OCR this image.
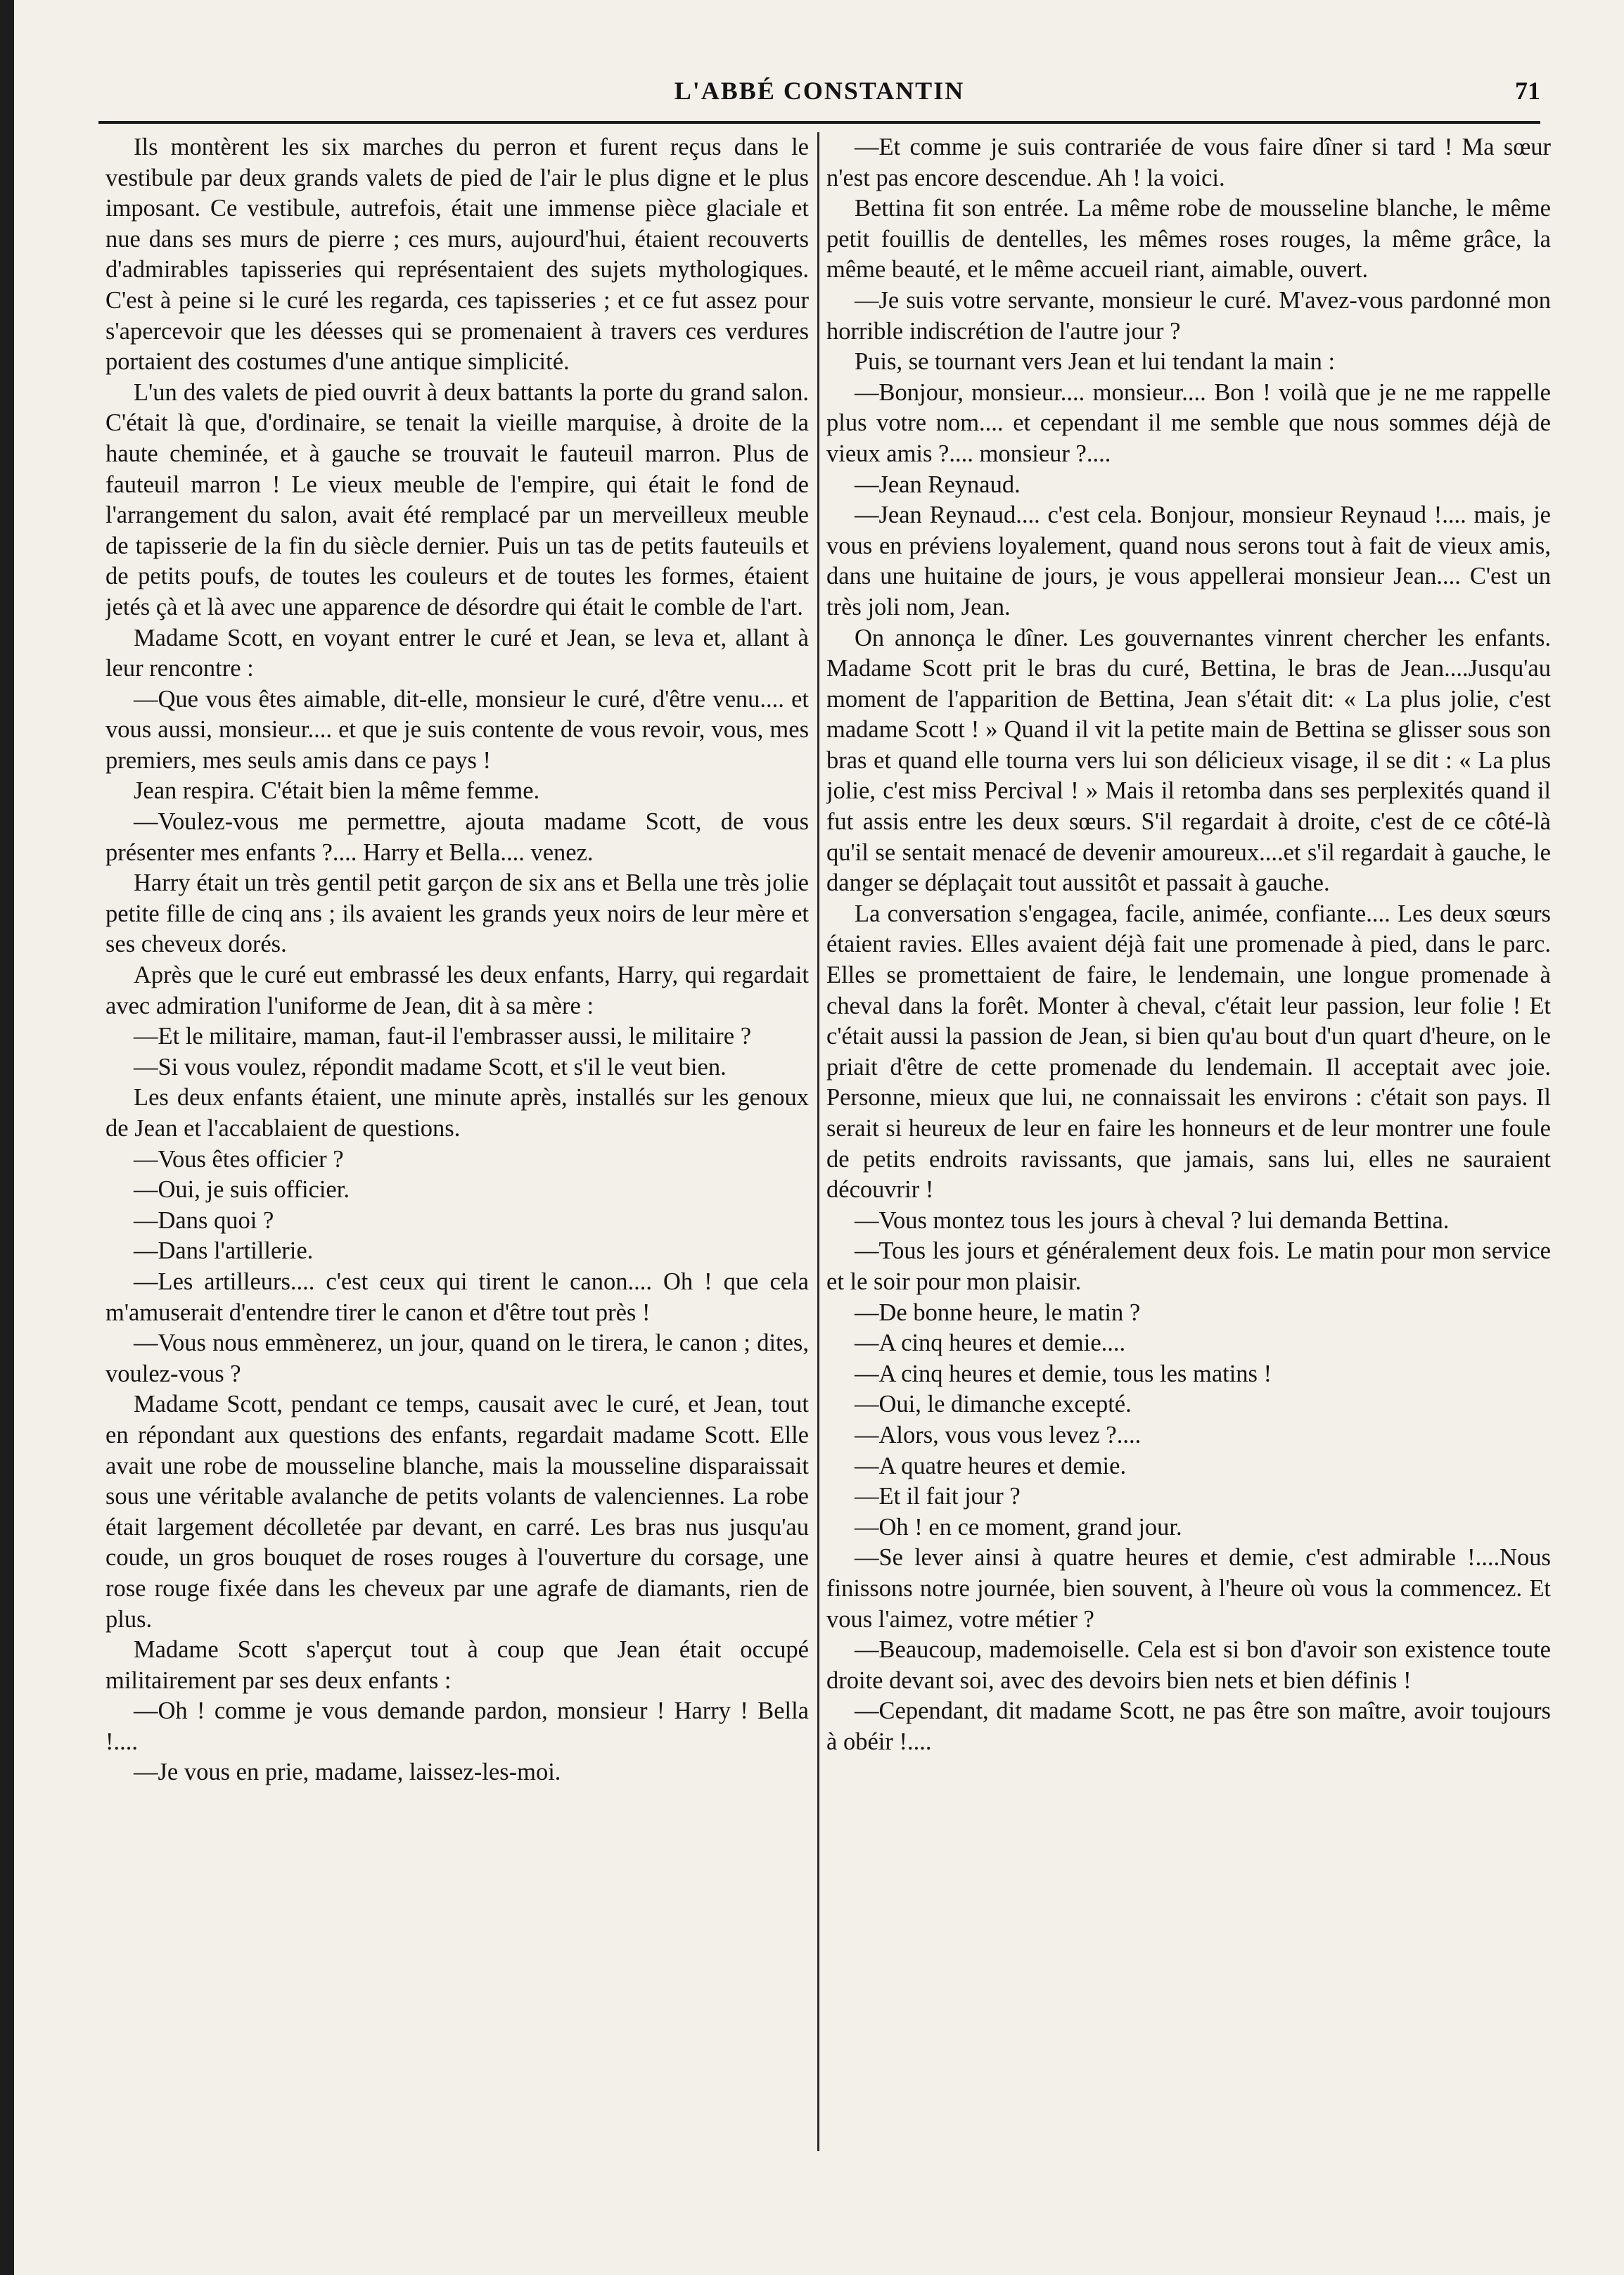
L'ABBÉ CONSTANTIN	71

Ils montèrent les six marches du perron et furent reçus dans le vestibule par deux grands valets de pied de l'air le plus digne et le plus imposant. Ce vestibule, autrefois, était une immense pièce glaciale et nue dans ses murs de pierre ; ces murs, aujourd'hui, étaient recouverts d'admirables tapisseries qui représentaient des sujets mythologiques. C'est à peine si le curé les regarda, ces tapisseries ; et ce fut assez pour s'apercevoir que les déesses qui se promenaient à travers ces verdures portaient des costumes d'une antique simplicité.

L'un des valets de pied ouvrit à deux battants la porte du grand salon. C'était là que, d'ordinaire, se tenait la vieille marquise, à droite de la haute cheminée, et à gauche se trouvait le fauteuil marron. Plus de fauteuil marron ! Le vieux meuble de l'empire, qui était le fond de l'arrangement du salon, avait été remplacé par un merveilleux meuble de tapisserie de la fin du siècle dernier. Puis un tas de petits fauteuils et de petits poufs, de toutes les couleurs et de toutes les formes, étaient jetés çà et là avec une apparence de désordre qui était le comble de l'art.

Madame Scott, en voyant entrer le curé et Jean, se leva et, allant à leur rencontre :

—Que vous êtes aimable, dit-elle, monsieur le curé, d'être venu.... et vous aussi, monsieur.... et que je suis contente de vous revoir, vous, mes premiers, mes seuls amis dans ce pays !

Jean respira. C'était bien la même femme.

—Voulez-vous me permettre, ajouta madame Scott, de vous présenter mes enfants ?.... Harry et Bella.... venez.

Harry était un très gentil petit garçon de six ans et Bella une très jolie petite fille de cinq ans ; ils avaient les grands yeux noirs de leur mère et ses cheveux dorés.

Après que le curé eut embrassé les deux enfants, Harry, qui regardait avec admiration l'uniforme de Jean, dit à sa mère :

—Et le militaire, maman, faut-il l'embrasser aussi, le militaire ?

—Si vous voulez, répondit madame Scott, et s'il le veut bien.

Les deux enfants étaient, une minute après, installés sur les genoux de Jean et l'accablaient de questions.

—Vous êtes officier ?

—Oui, je suis officier.

—Dans quoi ?

—Dans l'artillerie.

—Les artilleurs.... c'est ceux qui tirent le canon.... Oh ! que cela m'amuserait d'entendre tirer le canon et d'être tout près !

—Vous nous emmènerez, un jour, quand on le tirera, le canon ; dites, voulez-vous ?

Madame Scott, pendant ce temps, causait avec le curé, et Jean, tout en répondant aux questions des enfants, regardait madame Scott. Elle avait une robe de mousseline blanche, mais la mousseline disparaissait sous une véritable avalanche de petits volants de valenciennes. La robe était largement décolletée par devant, en carré. Les bras nus jusqu'au coude, un gros bouquet de roses rouges à l'ouverture du corsage, une rose rouge fixée dans les cheveux par une agrafe de diamants, rien de plus.

Madame Scott s'aperçut tout à coup que Jean était occupé militairement par ses deux enfants :

—Oh ! comme je vous demande pardon, monsieur ! Harry ! Bella !....

—Je vous en prie, madame, laissez-les-moi.

—Et comme je suis contrariée de vous faire dîner si tard ! Ma sœur n'est pas encore descendue. Ah ! la voici.

Bettina fit son entrée. La même robe de mousseline blanche, le même petit fouillis de dentelles, les mêmes roses rouges, la même grâce, la même beauté, et le même accueil riant, aimable, ouvert.

—Je suis votre servante, monsieur le curé. M'avez-vous pardonné mon horrible indiscrétion de l'autre jour ?

Puis, se tournant vers Jean et lui tendant la main :

—Bonjour, monsieur.... monsieur.... Bon ! voilà que je ne me rappelle plus votre nom.... et cependant il me semble que nous sommes déjà de vieux amis ?.... monsieur ?....

—Jean Reynaud.

—Jean Reynaud.... c'est cela. Bonjour, monsieur Reynaud !.... mais, je vous en préviens loyalement, quand nous serons tout à fait de vieux amis, dans une huitaine de jours, je vous appellerai monsieur Jean.... C'est un très joli nom, Jean.

On annonça le dîner. Les gouvernantes vinrent chercher les enfants. Madame Scott prit le bras du curé, Bettina, le bras de Jean....Jusqu'au moment de l'apparition de Bettina, Jean s'était dit: « La plus jolie, c'est madame Scott ! » Quand il vit la petite main de Bettina se glisser sous son bras et quand elle tourna vers lui son délicieux visage, il se dit : « La plus jolie, c'est miss Percival ! » Mais il retomba dans ses perplexités quand il fut assis entre les deux sœurs. S'il regardait à droite, c'est de ce côté-là qu'il se sentait menacé de devenir amoureux....et s'il regardait à gauche, le danger se déplaçait tout aussitôt et passait à gauche.

La conversation s'engagea, facile, animée, confiante.... Les deux sœurs étaient ravies. Elles avaient déjà fait une promenade à pied, dans le parc. Elles se promettaient de faire, le lendemain, une longue promenade à cheval dans la forêt. Monter à cheval, c'était leur passion, leur folie ! Et c'était aussi la passion de Jean, si bien qu'au bout d'un quart d'heure, on le priait d'être de cette promenade du lendemain. Il acceptait avec joie. Personne, mieux que lui, ne connaissait les environs : c'était son pays. Il serait si heureux de leur en faire les honneurs et de leur montrer une foule de petits endroits ravissants, que jamais, sans lui, elles ne sauraient découvrir !

—Vous montez tous les jours à cheval ? lui demanda Bettina.

—Tous les jours et généralement deux fois. Le matin pour mon service et le soir pour mon plaisir.

—De bonne heure, le matin ?

—A cinq heures et demie....

—A cinq heures et demie, tous les matins !

—Oui, le dimanche excepté.

—Alors, vous vous levez ?....

—A quatre heures et demie.

—Et il fait jour ?

—Oh ! en ce moment, grand jour.

—Se lever ainsi à quatre heures et demie, c'est admirable !....Nous finissons notre journée, bien souvent, à l'heure où vous la commencez. Et vous l'aimez, votre métier ?

—Beaucoup, mademoiselle. Cela est si bon d'avoir son existence toute droite devant soi, avec des devoirs bien nets et bien définis !

—Cependant, dit madame Scott, ne pas être son maître, avoir toujours à obéir !....
